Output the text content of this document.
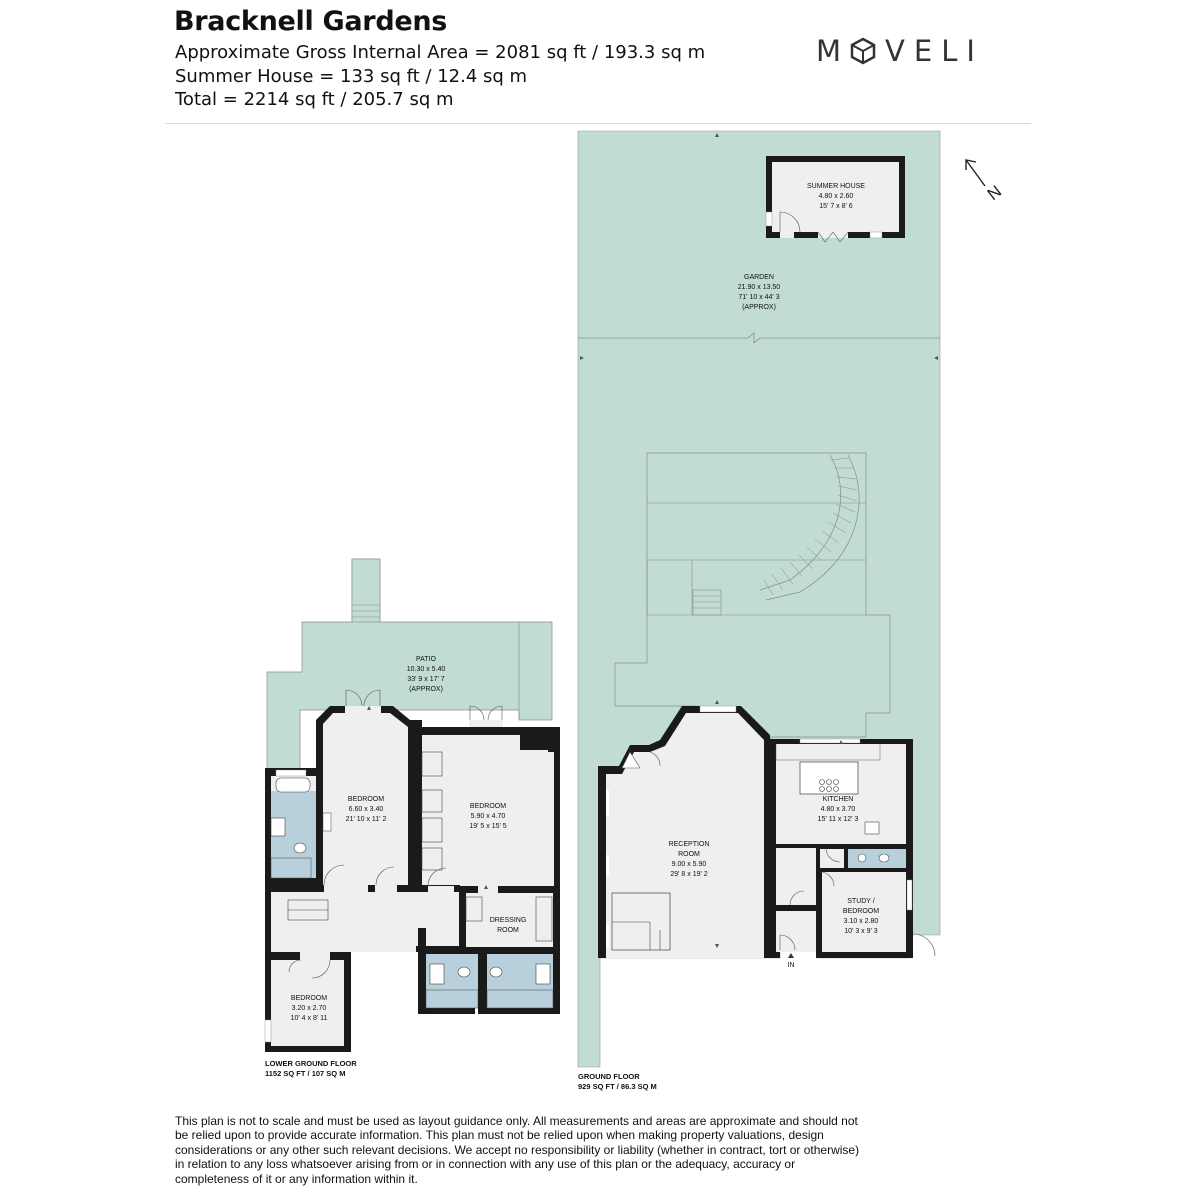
Bracknell Gardens
Approximate Gross Internal Area = 2081 sq ft / 193.3 sq m
Summer House = 133 sq ft / 12.4 sq m
Total = 2214 sq ft / 205.7 sq m
M VELI
N
SUMMER HOUSE
4.80 x 2.60
15' 7 x 8' 6
GARDEN
21.90 x 13.50
71' 10 x 44' 3
(APPROX)
PATIO
10.30 x 5.40
33' 9 x 17' 7
(APPROX)
BEDROOM
6.60 x 3.40
21' 10 x 11' 2
BEDROOM
5.90 x 4.70
19' 5 x 15' 5
DRESSING
ROOM
BEDROOM
3.20 x 2.70
10' 4 x 8' 11
RECEPTION
ROOM
9.00 x 5.90
29' 8 x 19' 2
KITCHEN
4.80 x 3.70
15' 11 x 12' 3
STUDY /
BEDROOM
3.10 x 2.80
10' 3 x 9' 3
IN
LOWER GROUND FLOOR
1152 SQ FT / 107 SQ M	GROUND FLOOR
929 SQ FT / 86.3 SQ M
This plan is not to scale and must be used as layout guidance only. All measurements and areas are approximate and should not be relied upon to provide accurate information. This plan must not be relied upon when making property valuations, design considerations or any other such relevant decisions. We accept no responsibility or liability (whether in contract, tort or otherwise) in relation to any loss whatsoever arising from or in connection with any use of this plan or the adequacy, accuracy or completeness of it or any information within it.
